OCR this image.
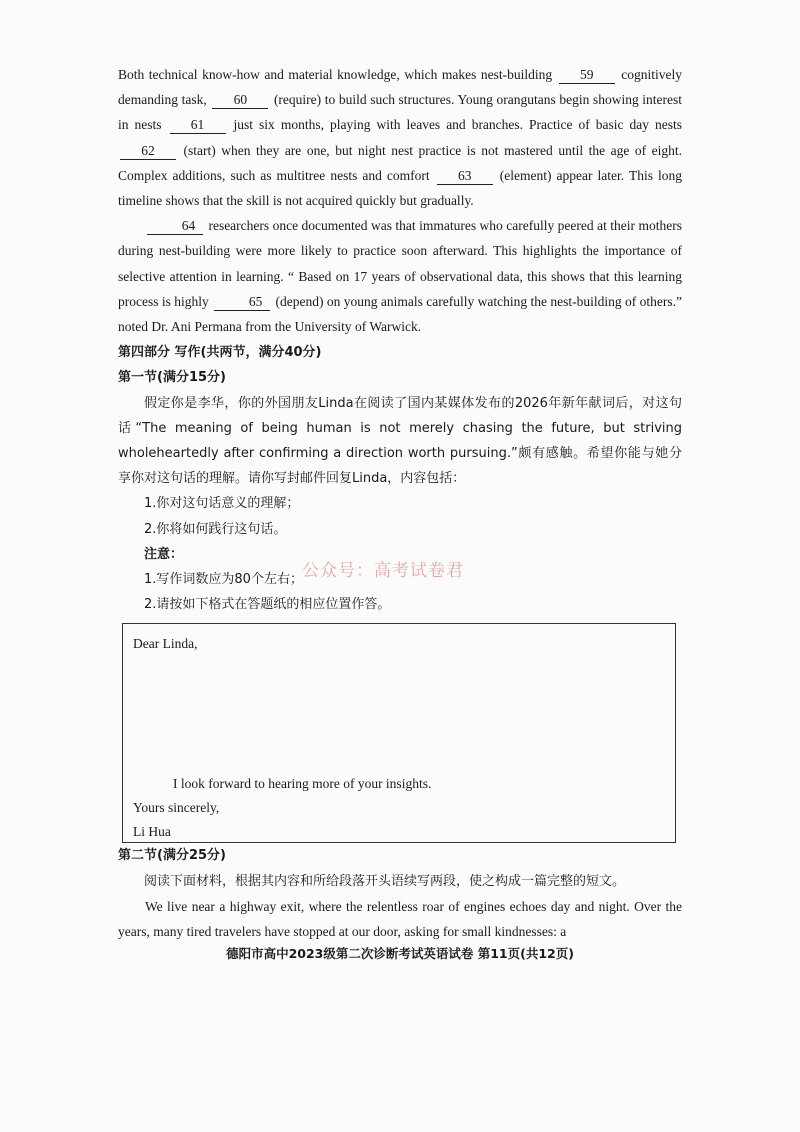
Both technical know-how and material knowledge, which makes nest-building 59 cognitively demanding task, 60 (require) to build such structures. Young orangutans begin showing interest in nests 61 just six months, playing with leaves and branches. Practice of basic day nests 62 (start) when they are one, but night nest practice is not mastered until the age of eight. Complex additions, such as multitree nests and comfort 63 (element) appear later. This long timeline shows that the skill is not acquired quickly but gradually.

64 researchers once documented was that immatures who carefully peered at their mothers during nest-building were more likely to practice soon afterward. This highlights the importance of selective attention in learning. “ Based on 17 years of observational data, this shows that this learning process is highly	65 (depend) on young animals carefully watching the nest-building of others.” noted Dr. Ani Permana from the University of Warwick.

第四部分 写作(共两节，满分40分)
第一节(满分15分)

假定你是李华，你的外国朋友Linda在阅读了国内某媒体发布的2026年新年献词后，对这句话“The meaning of being human is not merely chasing the future, but striving wholeheartedly after confirming a direction worth pursuing.”颇有感触。希望你能与她分享你对这句话的理解。请你写封邮件回复Linda，内容包括：

1.你对这句话意义的理解；
2.你将如何践行这句话。
注意：
1.写作词数应为80个左右；
2.请按如下格式在答题纸的相应位置作答。
Dear Linda,
I look forward to hearing more of your insights.
Yours sincerely,
Li Hua
第二节(满分25分)

阅读下面材料，根据其内容和所给段落开头语续写两段，使之构成一篇完整的短文。

We live near a highway exit, where the relentless roar of engines echoes day and night. Over the years, many tired travelers have stopped at our door, asking for small kindnesses: a

公众号：高考试卷君
德阳市高中2023级第二次诊断考试英语试卷 第11页(共12页)
